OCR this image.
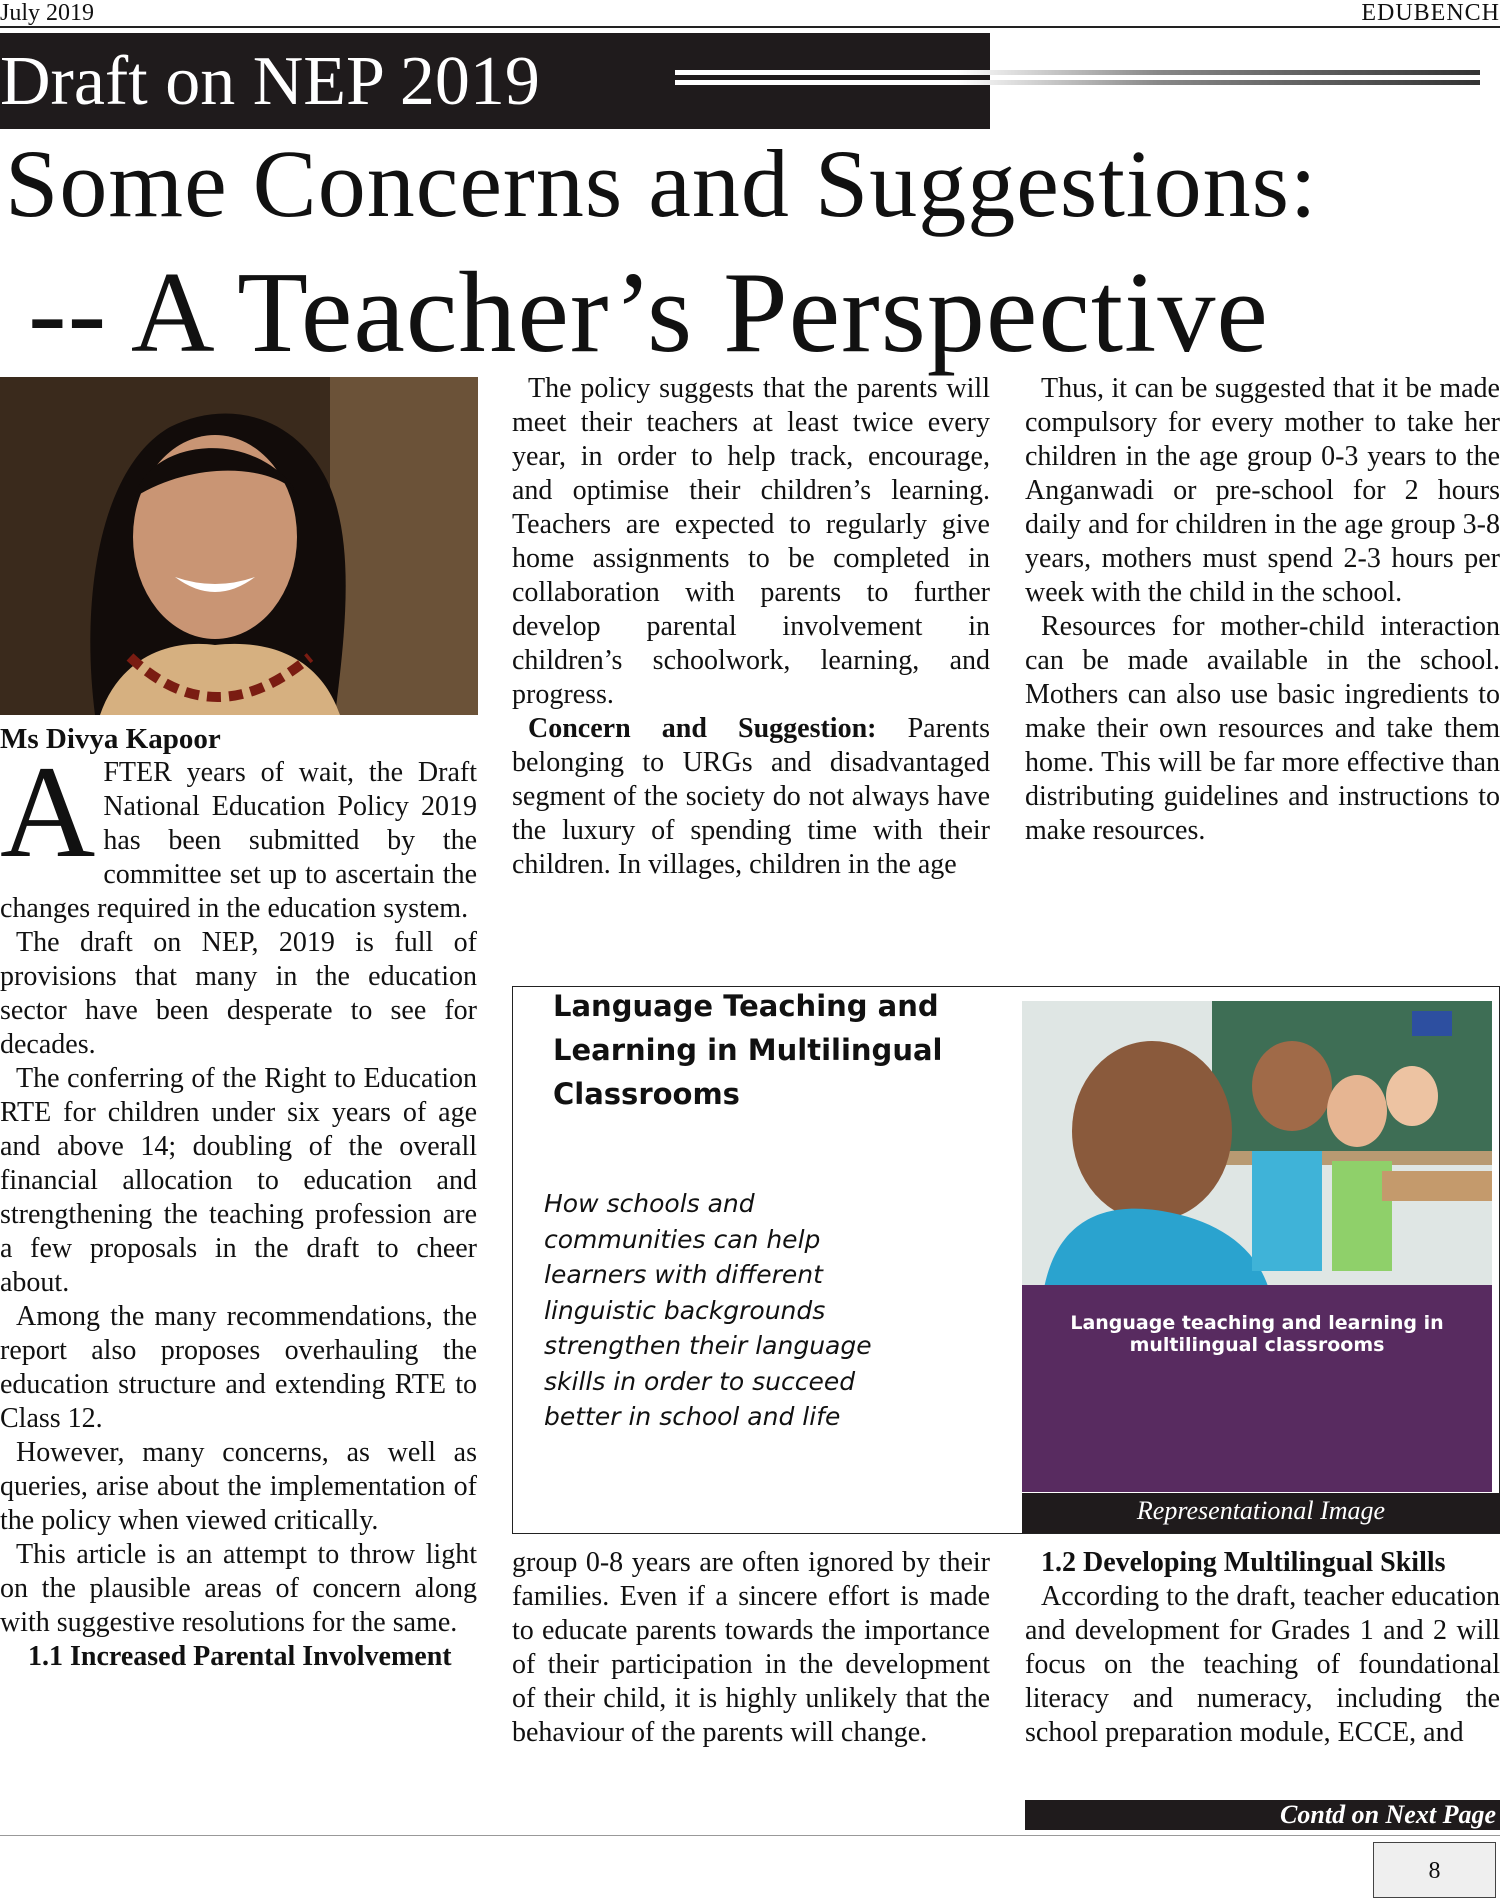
July 2019	EDUBENCH
Draft on NEP 2019
Some Concerns and Suggestions:
-- A Teacher’s Perspective

Ms Divya Kapoor

AFTER years of wait, the Draft National Education Policy 2019 has been submitted by the committee set up to ascertain the changes required in the education system.

The draft on NEP, 2019 is full of provisions that many in the education sector have been desperate to see for decades.

The conferring of the Right to Education RTE for children under six years of age and above 14; doubling of the overall financial allocation to education and strengthening the teaching profession are a few proposals in the draft to cheer about.

Among the many recommendations, the report also proposes overhauling the education structure and extending RTE to Class 12.

However, many concerns, as well as queries, arise about the implementation of the policy when viewed critically.

This article is an attempt to throw light on the plausible areas of concern along with suggestive resolutions for the same.

1.1 Increased Parental Involvement

The policy suggests that the parents will meet their teachers at least twice every year, in order to help track, encourage, and optimise their children’s learning. Teachers are expected to regularly give home assignments to be completed in collaboration with parents to further develop parental involvement in children’s schoolwork, learning, and progress.

Concern and Suggestion: Parents belonging to URGs and disadvantaged segment of the society do not always have the luxury of spending time with their children. In villages, children in the age

Thus, it can be suggested that it be made compulsory for every mother to take her children in the age group 0-3 years to the Anganwadi or pre-school for 2 hours daily and for children in the age group 3-8 years, mothers must spend 2-3 hours per week with the child in the school.

Resources for mother-child interaction can be made available in the school. Mothers can also use basic ingredients to make their own resources and take them home. This will be far more effective than distributing guidelines and instructions to make resources.

Language Teaching and Learning in Multilingual Classrooms
How schools and communities can help learners with different linguistic backgrounds strengthen their language skills in order to succeed better in school and life
Language teaching and learning in multilingual classrooms
Representational Image

group 0-8 years are often ignored by their families. Even if a sincere effort is made to educate parents towards the importance of their participation in the development of their child, it is highly unlikely that the behaviour of the parents will change.

1.2 Developing Multilingual Skills

According to the draft, teacher education and development for Grades 1 and 2 will focus on the teaching of foundational literacy and numeracy, including the school preparation module, ECCE, and

Contd on Next Page
8
